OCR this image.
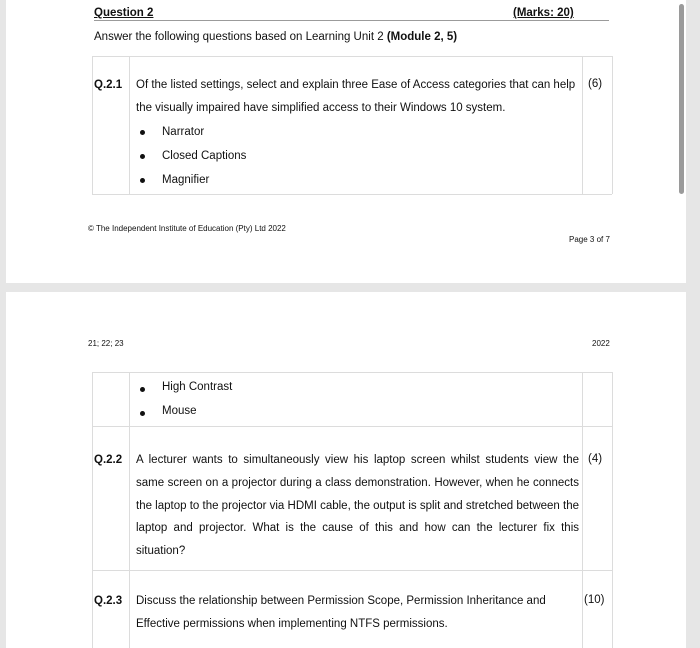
Question 2	(Marks: 20)
Answer the following questions based on Learning Unit 2 (Module 2, 5)
Q.2.1 Of the listed settings, select and explain three Ease of Access categories that can help
the visually impaired have simplified access to their Windows 10 system.
(6)
Narrator
Closed Captions
Magnifier
© The Independent Institute of Education (Pty) Ltd 2022
Page 3 of 7
21; 22; 23	2022
High Contrast
Mouse
Q.2.2 A lecturer wants to simultaneously view his laptop screen whilst students view the same screen on a projector during a class demonstration. However, when he connects the laptop to the projector via HDMI cable, the output is split and stretched between the laptop and projector. What is the cause of this and how can the lecturer fix this situation?
(4)
Q.2.3 Discuss the relationship between Permission Scope, Permission Inheritance and
Effective permissions when implementing NTFS permissions.
(10)
